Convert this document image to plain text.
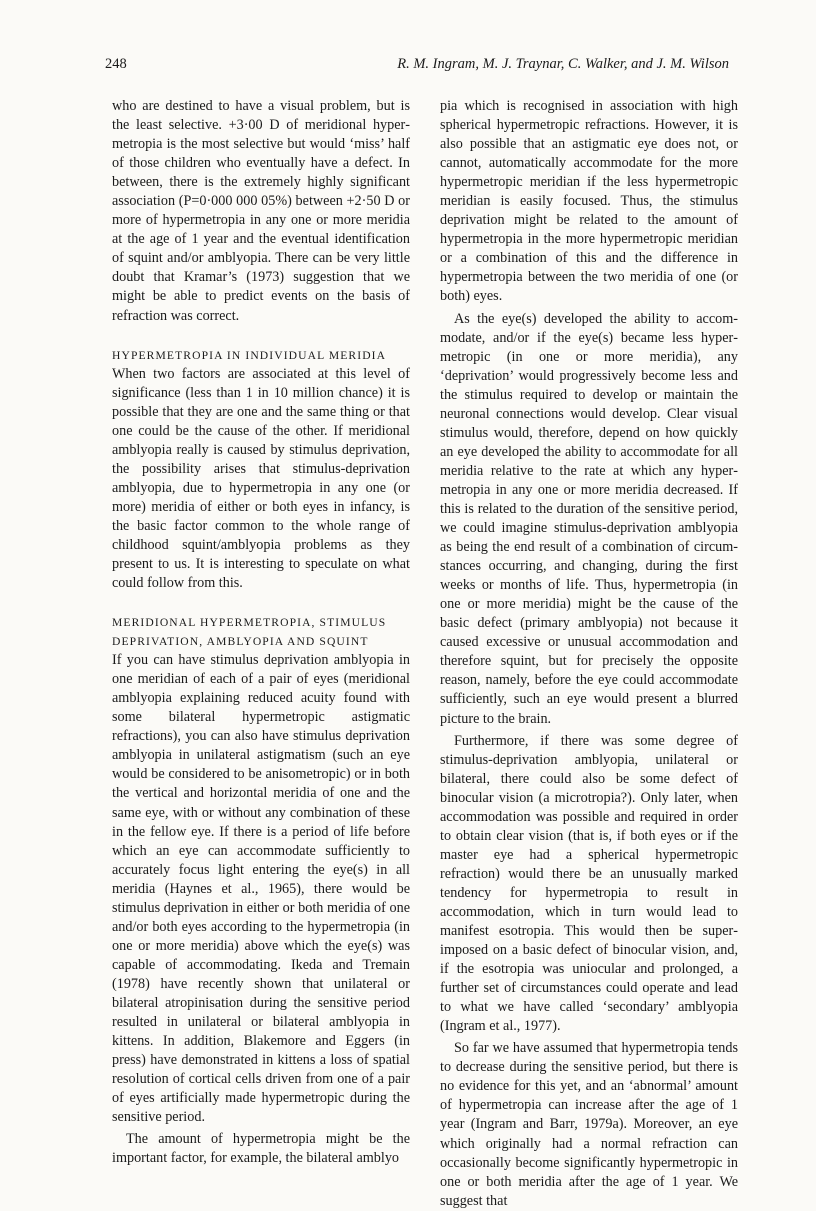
248	R. M. Ingram, M. J. Traynar, C. Walker, and J. M. Wilson

who are destined to have a visual problem, but is the least selective. +3·00 D of meridional hypermetropia is the most selective but would ‘miss’ half of those children who eventually have a defect. In between, there is the extremely highly significant association (P=0·000 000 05%) between +2·50 D or more of hypermetropia in any one or more meridia at the age of 1 year and the eventual identification of squint and/or amblyopia. There can be very little doubt that Kramar’s (1973) suggestion that we might be able to predict events on the basis of refraction was correct.

HYPERMETROPIA IN INDIVIDUAL MERIDIA

When two factors are associated at this level of significance (less than 1 in 10 million chance) it is possible that they are one and the same thing or that one could be the cause of the other. If meridional amblyopia really is caused by stimulus deprivation, the possibility arises that stimulus-deprivation amblyopia, due to hypermetropia in any one (or more) meridia of either or both eyes in infancy, is the basic factor common to the whole range of childhood squint/amblyopia problems as they present to us. It is interesting to speculate on what could follow from this.

MERIDIONAL HYPERMETROPIA, STIMULUS
DEPRIVATION, AMBLYOPIA AND SQUINT

If you can have stimulus deprivation amblyopia in one meridian of each of a pair of eyes (meridional amblyopia explaining reduced acuity found with some bilateral hypermetropic astigmatic refractions), you can also have stimulus deprivation amblyopia in unilateral astigmatism (such an eye would be considered to be anisometropic) or in both the vertical and horizontal meridia of one and the same eye, with or without any combination of these in the fellow eye. If there is a period of life before which an eye can accommodate sufficiently to accurately focus light entering the eye(s) in all meridia (Haynes et al., 1965), there would be stimulus deprivation in either or both meridia of one and/or both eyes according to the hypermetropia (in one or more meridia) above which the eye(s) was capable of accommodating. Ikeda and Tremain (1978) have recently shown that unilateral or bilateral atropinisation during the sensitive period resulted in unilateral or bilateral amblyopia in kittens. In addition, Blakemore and Eggers (in press) have demonstrated in kittens a loss of spatial resolution of cortical cells driven from one of a pair of eyes artificially made hypermetropic during the sensitive period.

The amount of hypermetropia might be the important factor, for example, the bilateral amblyo

pia which is recognised in association with high spherical hypermetropic refractions. However, it is also possible that an astigmatic eye does not, or cannot, automatically accommodate for the more hypermetropic meridian if the less hypermetropic meridian is easily focused. Thus, the stimulus deprivation might be related to the amount of hypermetropia in the more hypermetropic meridian or a combination of this and the difference in hypermetropia between the two meridia of one (or both) eyes.

As the eye(s) developed the ability to accommodate, and/or if the eye(s) became less hypermetropic (in one or more meridia), any ‘deprivation’ would progressively become less and the stimulus required to develop or maintain the neuronal connections would develop. Clear visual stimulus would, therefore, depend on how quickly an eye developed the ability to accommodate for all meridia relative to the rate at which any hypermetropia in any one or more meridia decreased. If this is related to the duration of the sensitive period, we could imagine stimulus-deprivation amblyopia as being the end result of a combination of circumstances occurring, and changing, during the first weeks or months of life. Thus, hypermetropia (in one or more meridia) might be the cause of the basic defect (primary amblyopia) not because it caused excessive or unusual accommodation and therefore squint, but for precisely the opposite reason, namely, before the eye could accommodate sufficiently, such an eye would present a blurred picture to the brain.

Furthermore, if there was some degree of stimulus-deprivation amblyopia, unilateral or bilateral, there could also be some defect of binocular vision (a microtropia?). Only later, when accommodation was possible and required in order to obtain clear vision (that is, if both eyes or if the master eye had a spherical hypermetropic refraction) would there be an unusually marked tendency for hypermetropia to result in accommodation, which in turn would lead to manifest esotropia. This would then be superimposed on a basic defect of binocular vision, and, if the esotropia was uniocular and prolonged, a further set of circumstances could operate and lead to what we have called ‘secondary’ amblyopia (Ingram et al., 1977).

So far we have assumed that hypermetropia tends to decrease during the sensitive period, but there is no evidence for this yet, and an ‘abnormal’ amount of hypermetropia can increase after the age of 1 year (Ingram and Barr, 1979a). Moreover, an eye which originally had a normal refraction can occasionally become significantly hypermetropic in one or both meridia after the age of 1 year. We suggest that
